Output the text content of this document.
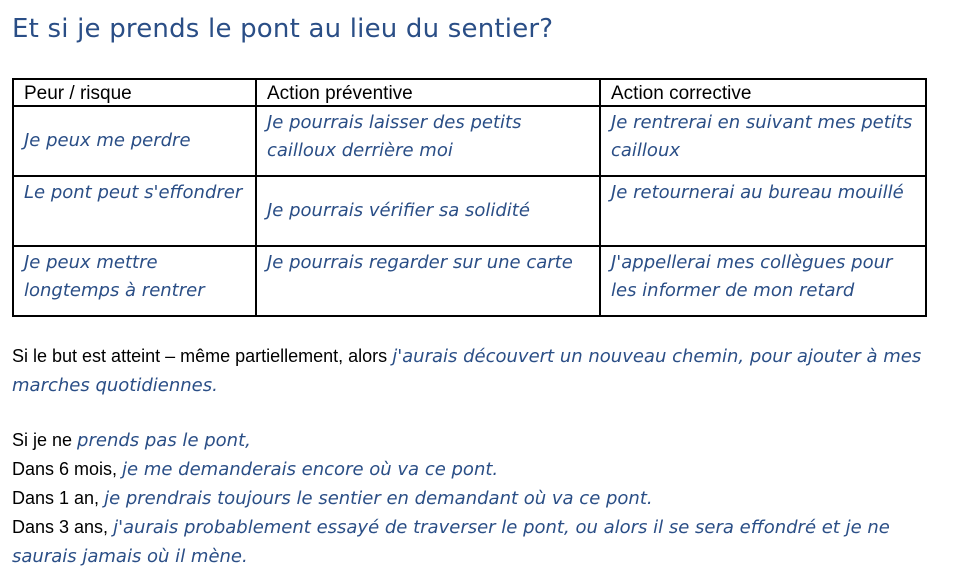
Et si je prends le pont au lieu du sentier?
Peur / risque	Action préventive	Action corrective
Je peux me perdre	Je pourrais laisser des petits cailloux derrière moi	Je rentrerai en suivant mes petits cailloux
Le pont peut s'effondrer	Je pourrais vérifier sa solidité	Je retournerai au bureau mouillé
Je peux mettre longtemps à rentrer	Je pourrais regarder sur une carte	J'appellerai mes collègues pour les informer de mon retard
Si le but est atteint – même partiellement, alors j'aurais découvert un nouveau chemin, pour ajouter à mes marches quotidiennes.
Si je ne prends pas le pont,
Dans 6 mois, je me demanderais encore où va ce pont.
Dans 1 an, je prendrais toujours le sentier en demandant où va ce pont.
Dans 3 ans, j'aurais probablement essayé de traverser le pont, ou alors il se sera effondré et je ne saurais jamais où il mène.
